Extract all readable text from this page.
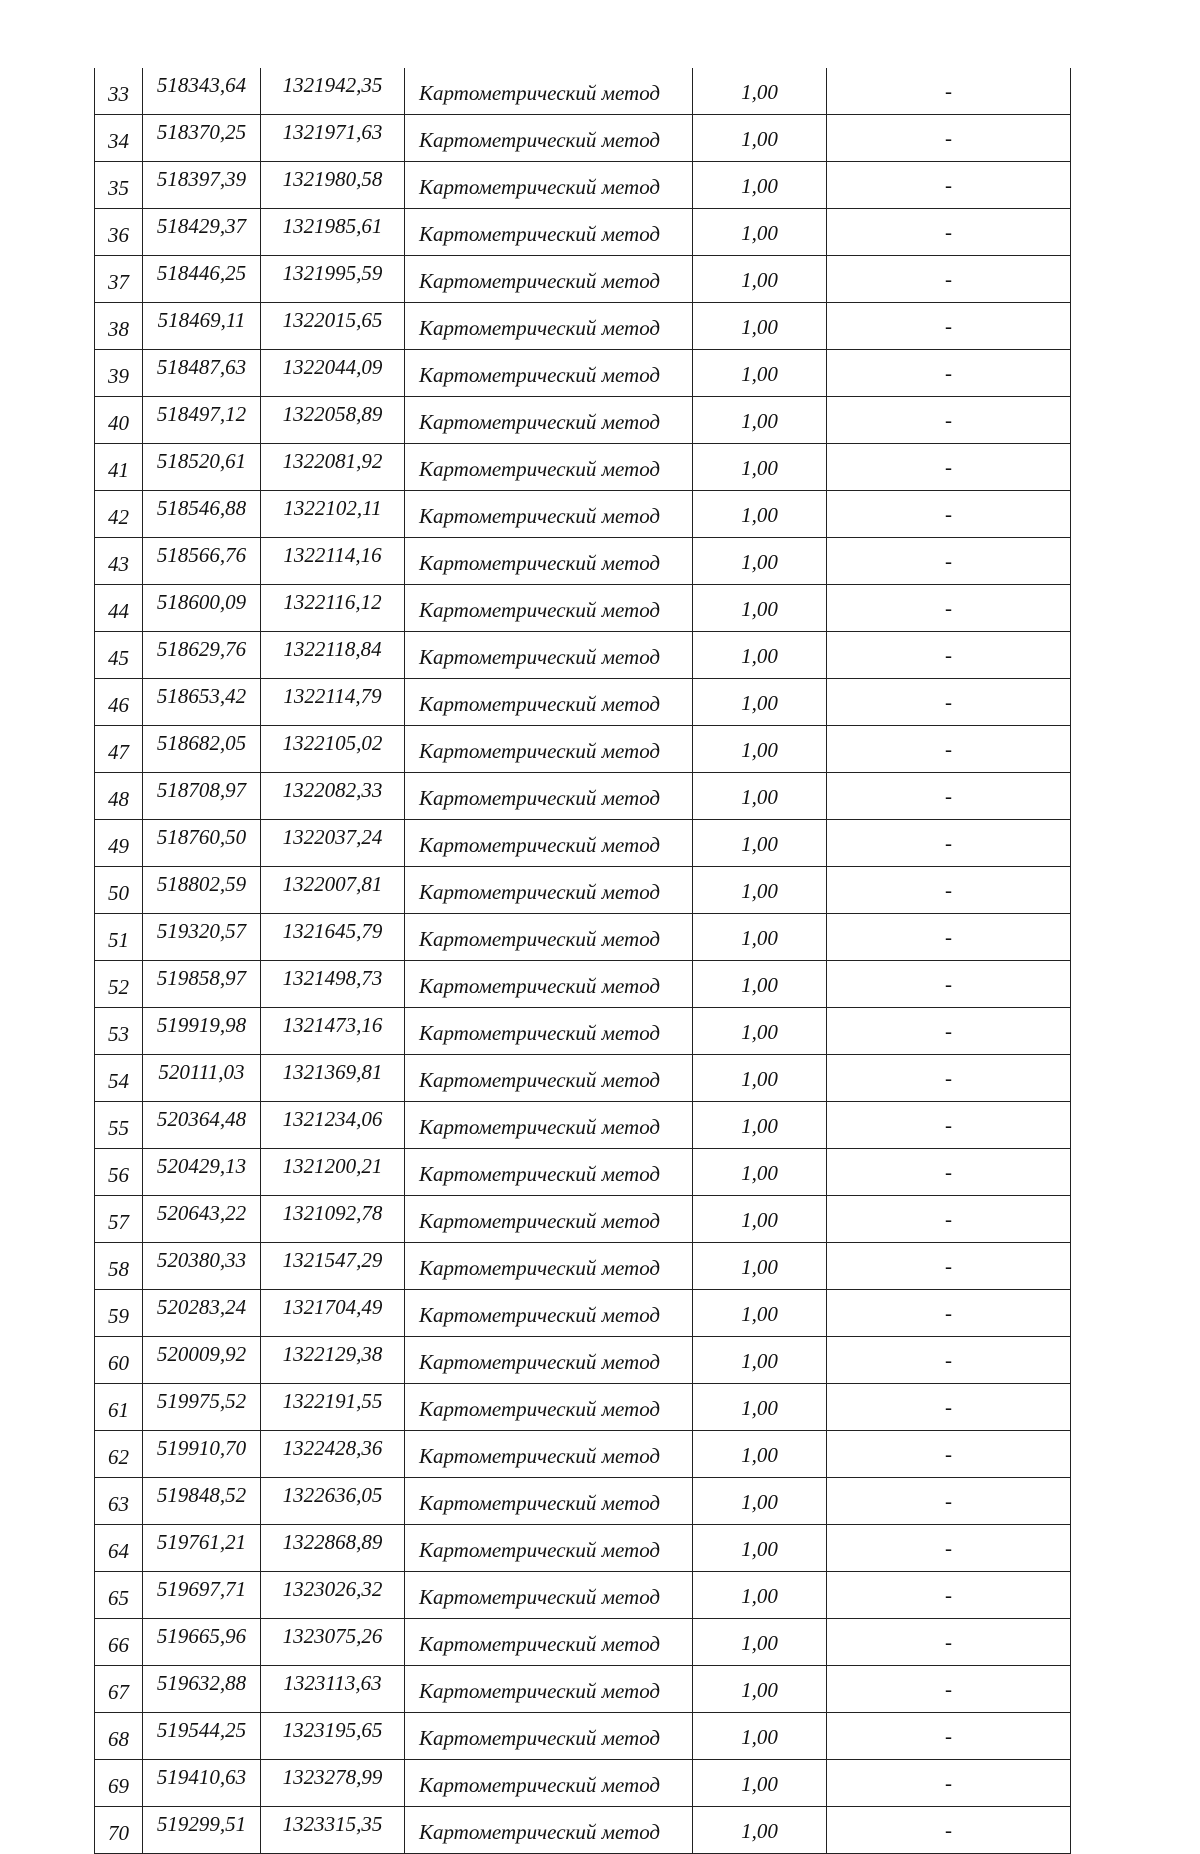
33	518343,64	1321942,35	Картометрический метод	1,00	-
34	518370,25	1321971,63	Картометрический метод	1,00	-
35	518397,39	1321980,58	Картометрический метод	1,00	-
36	518429,37	1321985,61	Картометрический метод	1,00	-
37	518446,25	1321995,59	Картометрический метод	1,00	-
38	518469,11	1322015,65	Картометрический метод	1,00	-
39	518487,63	1322044,09	Картометрический метод	1,00	-
40	518497,12	1322058,89	Картометрический метод	1,00	-
41	518520,61	1322081,92	Картометрический метод	1,00	-
42	518546,88	1322102,11	Картометрический метод	1,00	-
43	518566,76	1322114,16	Картометрический метод	1,00	-
44	518600,09	1322116,12	Картометрический метод	1,00	-
45	518629,76	1322118,84	Картометрический метод	1,00	-
46	518653,42	1322114,79	Картометрический метод	1,00	-
47	518682,05	1322105,02	Картометрический метод	1,00	-
48	518708,97	1322082,33	Картометрический метод	1,00	-
49	518760,50	1322037,24	Картометрический метод	1,00	-
50	518802,59	1322007,81	Картометрический метод	1,00	-
51	519320,57	1321645,79	Картометрический метод	1,00	-
52	519858,97	1321498,73	Картометрический метод	1,00	-
53	519919,98	1321473,16	Картометрический метод	1,00	-
54	520111,03	1321369,81	Картометрический метод	1,00	-
55	520364,48	1321234,06	Картометрический метод	1,00	-
56	520429,13	1321200,21	Картометрический метод	1,00	-
57	520643,22	1321092,78	Картометрический метод	1,00	-
58	520380,33	1321547,29	Картометрический метод	1,00	-
59	520283,24	1321704,49	Картометрический метод	1,00	-
60	520009,92	1322129,38	Картометрический метод	1,00	-
61	519975,52	1322191,55	Картометрический метод	1,00	-
62	519910,70	1322428,36	Картометрический метод	1,00	-
63	519848,52	1322636,05	Картометрический метод	1,00	-
64	519761,21	1322868,89	Картометрический метод	1,00	-
65	519697,71	1323026,32	Картометрический метод	1,00	-
66	519665,96	1323075,26	Картометрический метод	1,00	-
67	519632,88	1323113,63	Картометрический метод	1,00	-
68	519544,25	1323195,65	Картометрический метод	1,00	-
69	519410,63	1323278,99	Картометрический метод	1,00	-
70	519299,51	1323315,35	Картометрический метод	1,00	-
